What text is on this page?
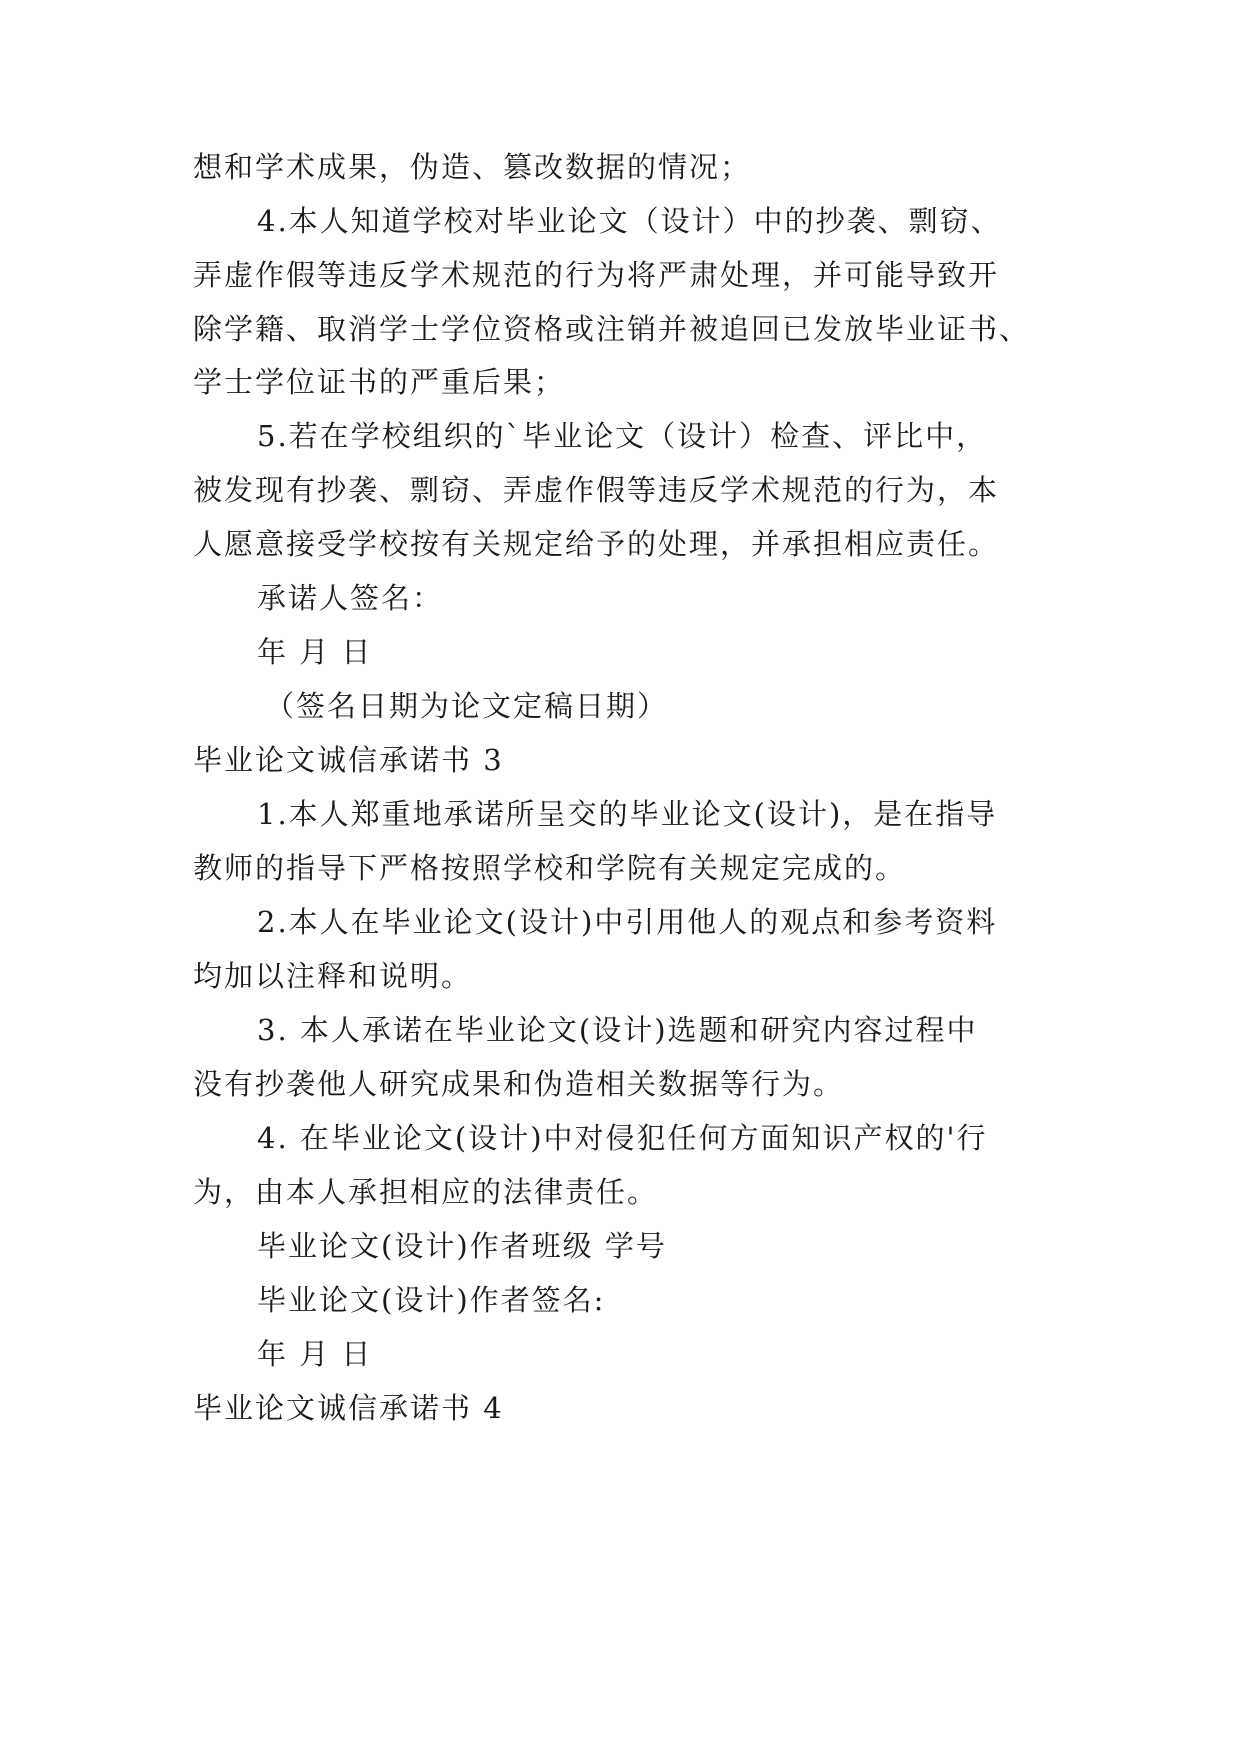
想和学术成果，伪造、篡改数据的情况；
4.本人知道学校对毕业论文（设计）中的抄袭、剽窃、
弄虚作假等违反学术规范的行为将严肃处理，并可能导致开
除学籍、取消学士学位资格或注销并被追回已发放毕业证书、
学士学位证书的严重后果；
5.若在学校组织的`毕业论文（设计）检查、评比中，
被发现有抄袭、剽窃、弄虚作假等违反学术规范的行为，本
人愿意接受学校按有关规定给予的处理，并承担相应责任。
承诺人签名：
年 月 日
（签名日期为论文定稿日期）
毕业论文诚信承诺书 3
1.本人郑重地承诺所呈交的毕业论文(设计)，是在指导
教师的指导下严格按照学校和学院有关规定完成的。
2.本人在毕业论文(设计)中引用他人的观点和参考资料
均加以注释和说明。
3. 本人承诺在毕业论文(设计)选题和研究内容过程中
没有抄袭他人研究成果和伪造相关数据等行为。
4. 在毕业论文(设计)中对侵犯任何方面知识产权的'行
为，由本人承担相应的法律责任。
毕业论文(设计)作者班级 学号
毕业论文(设计)作者签名:
年 月 日
毕业论文诚信承诺书 4
